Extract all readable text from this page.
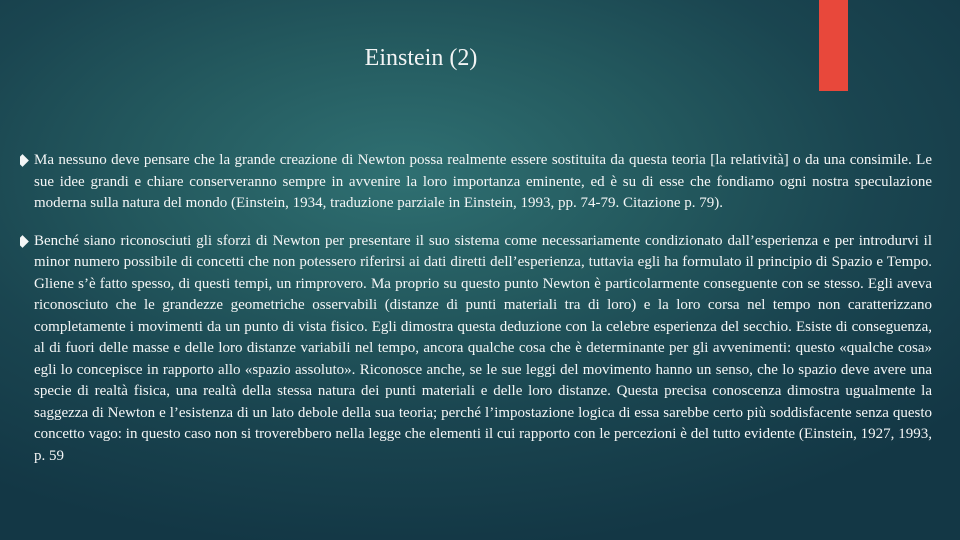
Einstein (2)
Ma nessuno deve pensare che la grande creazione di Newton possa realmente essere sostituita da questa teoria [la relatività] o da una consimile. Le sue idee grandi e chiare conserveranno sempre in avvenire la loro importanza eminente, ed è su di esse che fondiamo ogni nostra speculazione moderna sulla natura del mondo (Einstein, 1934, traduzione parziale in Einstein, 1993, pp. 74-79. Citazione p. 79).
Benché siano riconosciuti gli sforzi di Newton per presentare il suo sistema come necessariamente condizionato dall’esperienza e per introdurvi il minor numero possibile di concetti che non potessero riferirsi ai dati diretti dell’esperienza, tuttavia egli ha formulato il principio di Spazio e Tempo. Gliene s’è fatto spesso, di questi tempi, un rimprovero. Ma proprio su questo punto Newton è particolarmente conseguente con se stesso. Egli aveva riconosciuto che le grandezze geometriche osservabili (distanze di punti materiali tra di loro) e la loro corsa nel tempo non caratterizzano completamente i movimenti da un punto di vista fisico. Egli dimostra questa deduzione con la celebre esperienza del secchio. Esiste di conseguenza, al di fuori delle masse e delle loro distanze variabili nel tempo, ancora qualche cosa che è determinante per gli avvenimenti: questo «qualche cosa» egli lo concepisce in rapporto allo «spazio assoluto». Riconosce anche, se le sue leggi del movimento hanno un senso, che lo spazio deve avere una specie di realtà fisica, una realtà della stessa natura dei punti materiali e delle loro distanze. Questa precisa conoscenza dimostra ugualmente la saggezza di Newton e l’esistenza di un lato debole della sua teoria; perché l’impostazione logica di essa sarebbe certo più soddisfacente senza questo concetto vago: in questo caso non si troverebbero nella legge che elementi il cui rapporto con le percezioni è del tutto evidente (Einstein, 1927, 1993, p. 59
